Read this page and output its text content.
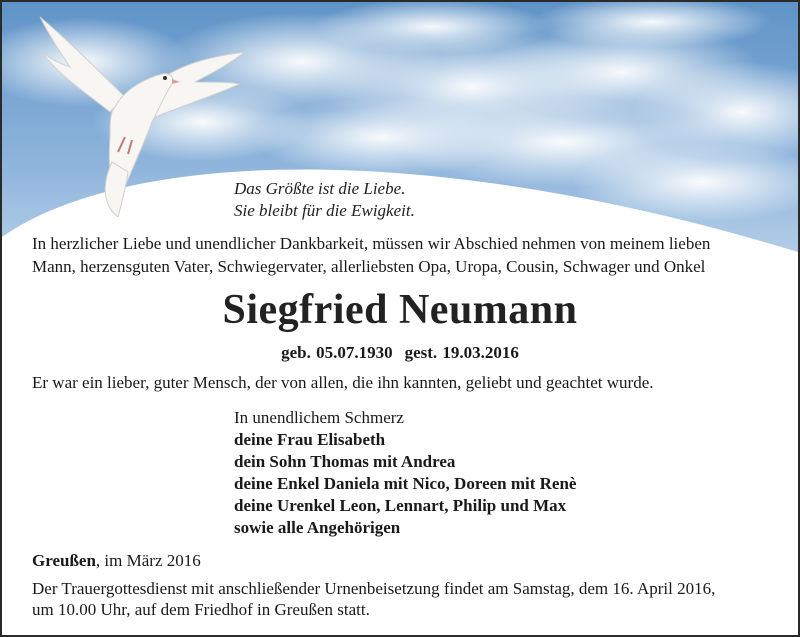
Das Größte ist die Liebe.
Sie bleibt für die Ewigkeit.
In herzlicher Liebe und unendlicher Dankbarkeit, müssen wir Abschied nehmen von meinem lieben
Mann, herzensguten Vater, Schwiegervater, allerliebsten Opa, Uropa, Cousin, Schwager und Onkel
Siegfried Neumann
geb. 05.07.1930 gest. 19.03.2016
Er war ein lieber, guter Mensch, der von allen, die ihn kannten, geliebt und geachtet wurde.
In unendlichem Schmerz
deine Frau Elisabeth
dein Sohn Thomas mit Andrea
deine Enkel Daniela mit Nico, Doreen mit Renè
deine Urenkel Leon, Lennart, Philip und Max
sowie alle Angehörigen
Greußen, im März 2016
Der Trauergottesdienst mit anschließender Urnenbeisetzung findet am Samstag, dem 16. April 2016,
um 10.00 Uhr, auf dem Friedhof in Greußen statt.
